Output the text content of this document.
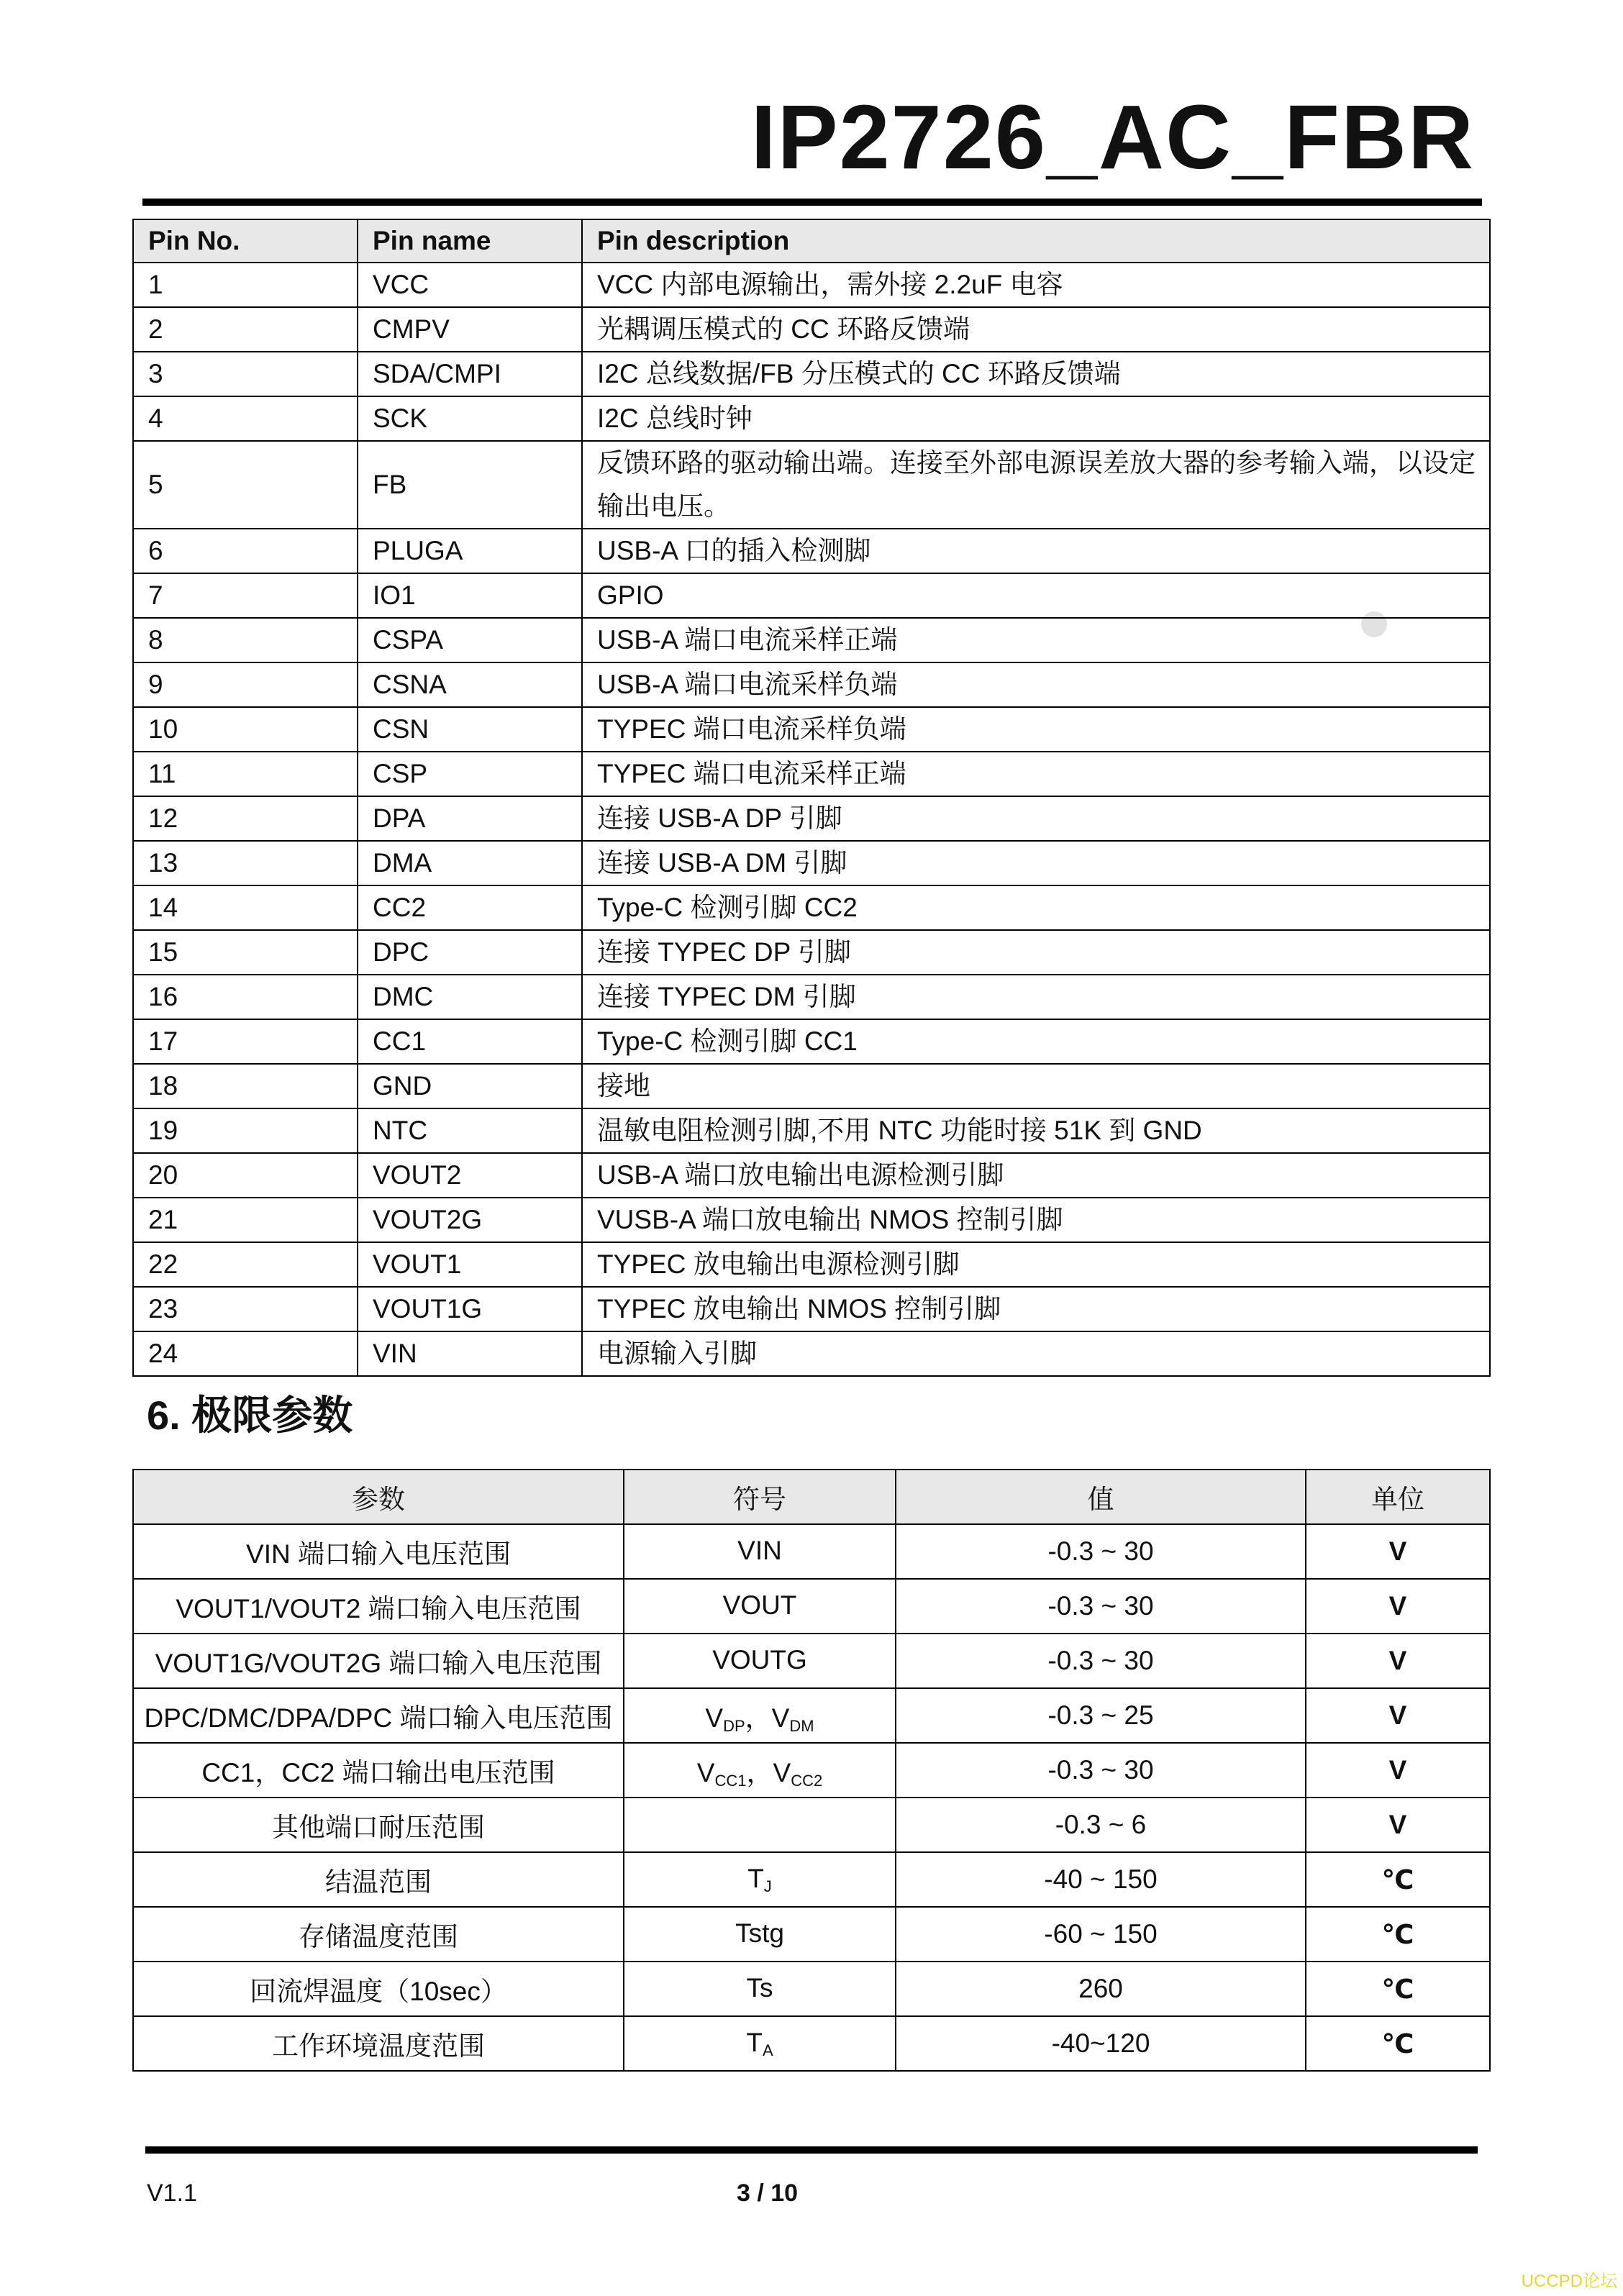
IP2726_AC_FBR
Pin No.	Pin name	Pin description
1	VCC	VCC 内部电源输出，需外接 2.2uF 电容
2	CMPV	光耦调压模式的 CC 环路反馈端
3	SDA/CMPI	I2C 总线数据/FB 分压模式的 CC 环路反馈端
4	SCK	I2C 总线时钟
5	FB	反馈环路的驱动输出端。连接至外部电源误差放大器的参考输入端，以设定输出电压。
6	PLUGA	USB-A 口的插入检测脚
7	IO1	GPIO
8	CSPA	USB-A 端口电流采样正端
9	CSNA	USB-A 端口电流采样负端
10	CSN	TYPEC 端口电流采样负端
11	CSP	TYPEC 端口电流采样正端
12	DPA	连接 USB-A DP 引脚
13	DMA	连接 USB-A DM 引脚
14	CC2	Type-C 检测引脚 CC2
15	DPC	连接 TYPEC DP 引脚
16	DMC	连接 TYPEC DM 引脚
17	CC1	Type-C 检测引脚 CC1
18	GND	接地
19	NTC	温敏电阻检测引脚,不用 NTC 功能时接 51K 到 GND
20	VOUT2	USB-A 端口放电输出电源检测引脚
21	VOUT2G	VUSB-A 端口放电输出 NMOS 控制引脚
22	VOUT1	TYPEC 放电输出电源检测引脚
23	VOUT1G	TYPEC 放电输出 NMOS 控制引脚
24	VIN	电源输入引脚
6. 极限参数
参数	符号	值	单位
VIN 端口输入电压范围	VIN	-0.3 ~ 30	V
VOUT1/VOUT2 端口输入电压范围	VOUT	-0.3 ~ 30	V
VOUT1G/VOUT2G 端口输入电压范围	VOUTG	-0.3 ~ 30	V
DPC/DMC/DPA/DPC 端口输入电压范围	$V_{DP}$，$V_{DM}$	-0.3 ~ 25	V
CC1，CC2 端口输出电压范围	$V_{CC1}$，$V_{CC2}$	-0.3 ~ 30	V
其他端口耐压范围		-0.3 ~ 6	V
结温范围	$T_J$	-40 ~ 150	℃
存储温度范围	Tstg	-60 ~ 150	℃
回流焊温度（10sec）	Ts	260	℃
工作环境温度范围	$T_A$	-40~120	℃
V1.1	3 / 10
UCCPD论坛
